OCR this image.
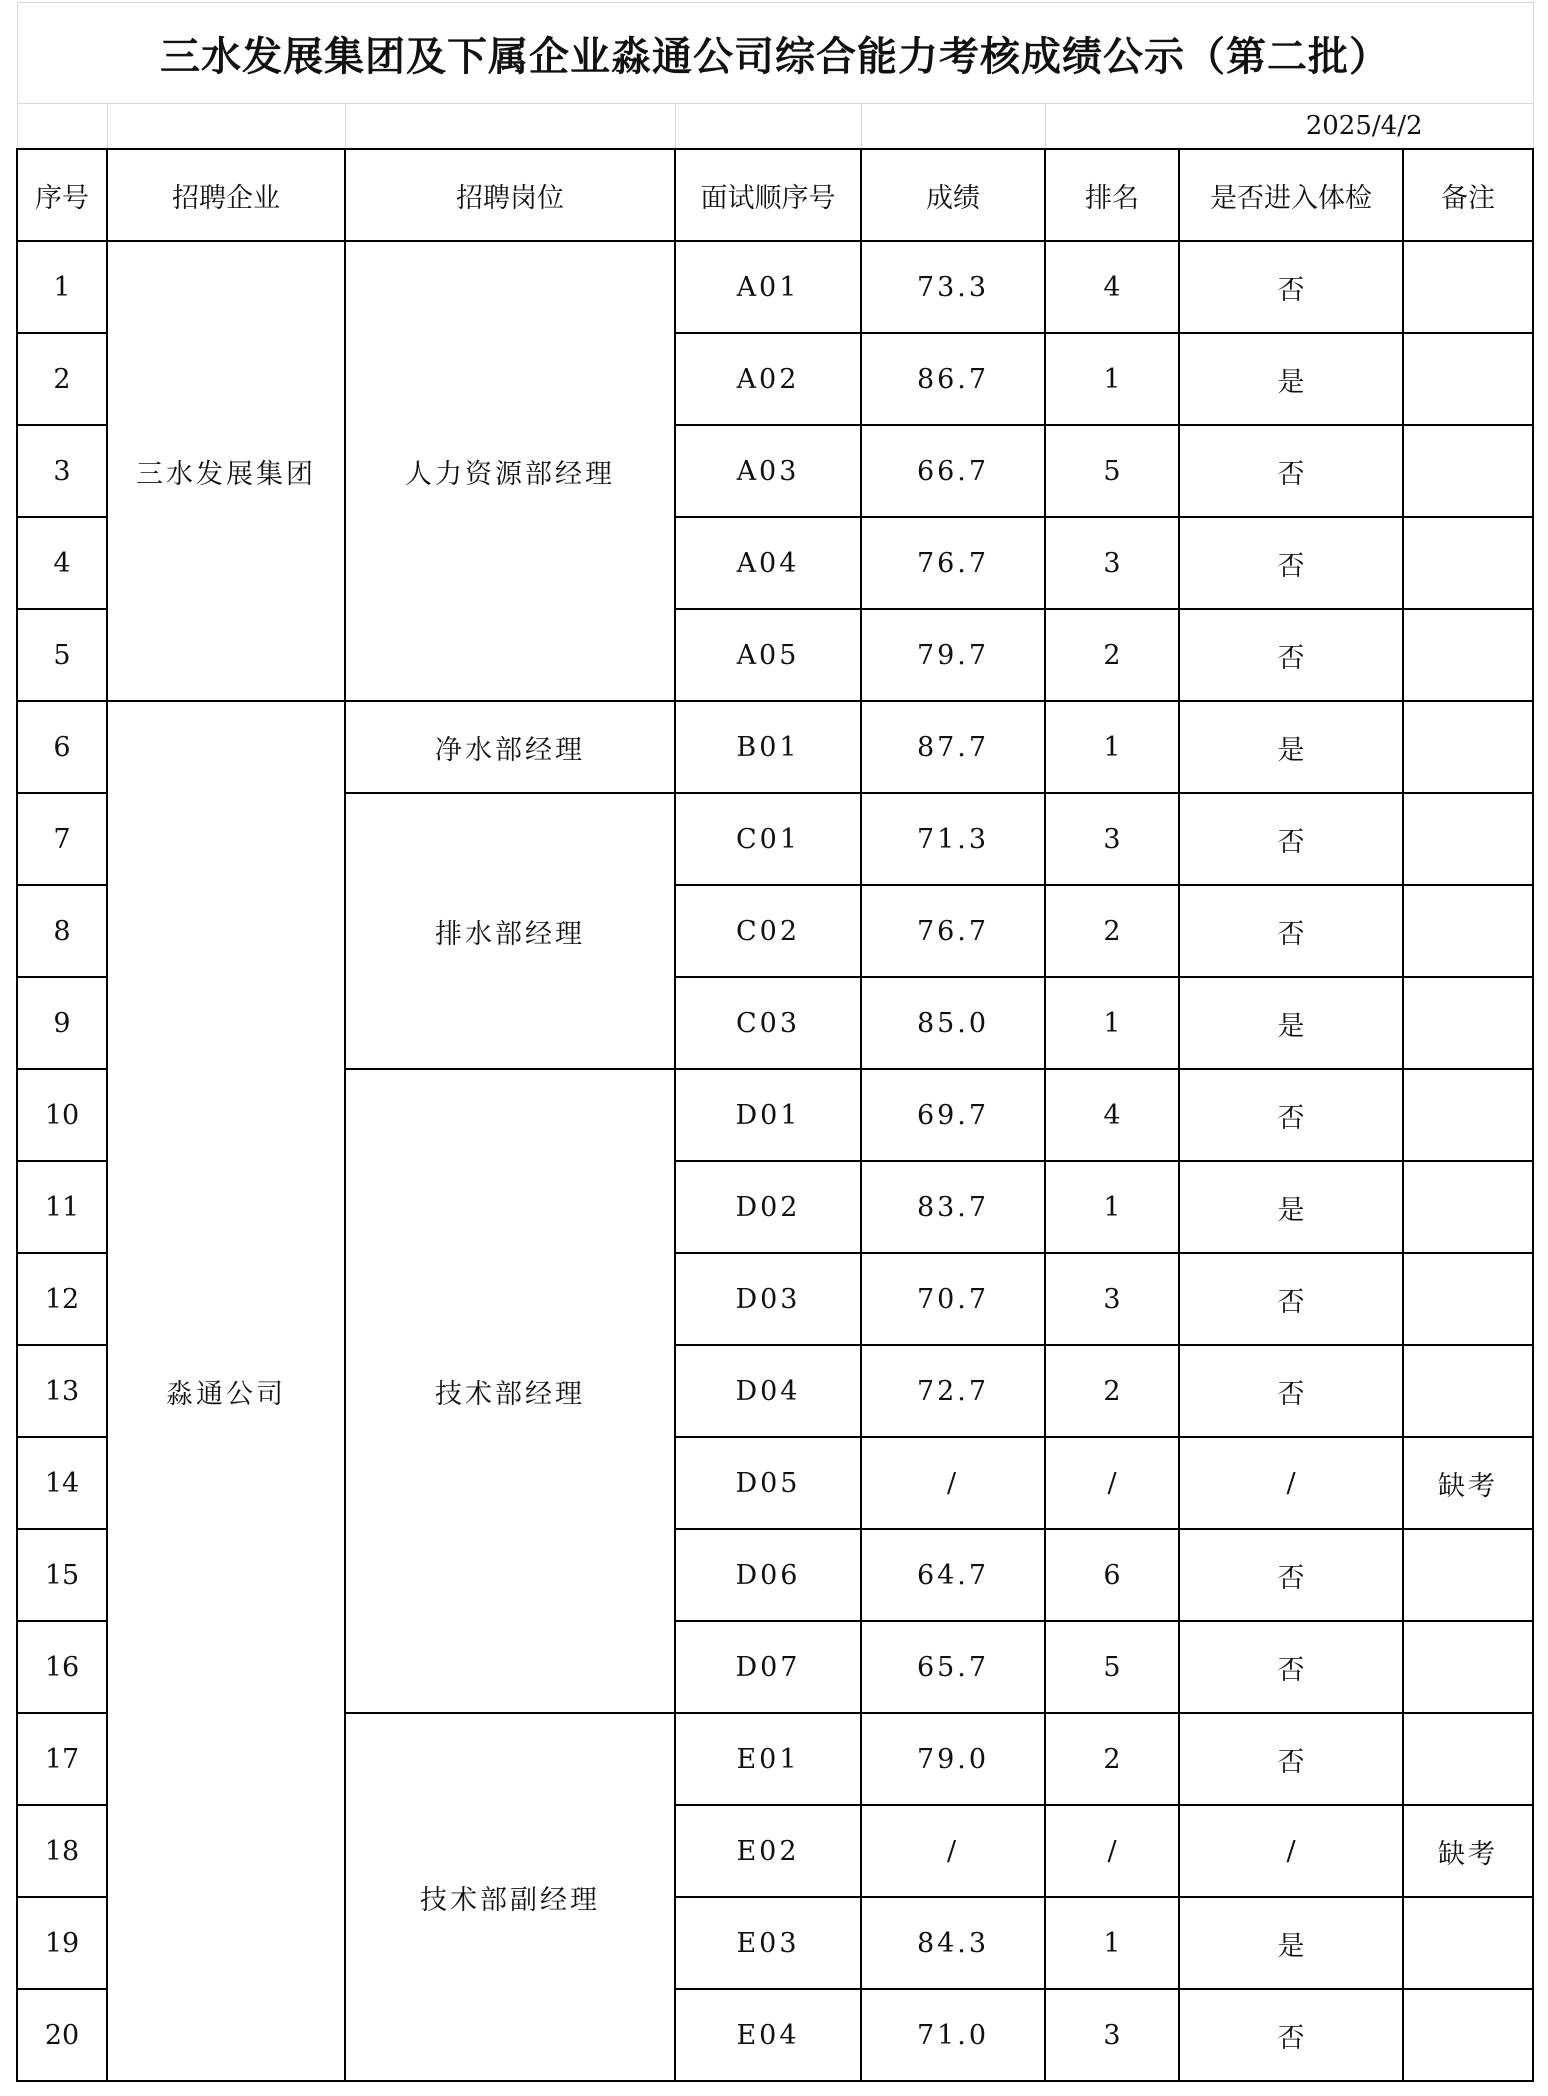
三水发展集团及下属企业淼通公司综合能力考核成绩公示（第二批）							
					2025/4/2		
序号	招聘企业	招聘岗位	面试顺序号	成绩	排名	是否进入体检	备注
1	三水发展集团	人力资源部经理	A01	73.3	4	否	
2			A02	86.7	1	是	
3			A03	66.7	5	否	
4			A04	76.7	3	否	
5			A05	79.7	2	否	
6	淼通公司	净水部经理	B01	87.7	1	是	
7		排水部经理	C01	71.3	3	否	
8			C02	76.7	2	否	
9			C03	85.0	1	是	
10		技术部经理	D01	69.7	4	否	
11			D02	83.7	1	是	
12			D03	70.7	3	否	
13			D04	72.7	2	否	
14			D05	/	/	/	缺考
15			D06	64.7	6	否	
16			D07	65.7	5	否	
17		技术部副经理	E01	79.0	2	否	
18			E02	/	/	/	缺考
19			E03	84.3	1	是	
20			E04	71.0	3	否	
